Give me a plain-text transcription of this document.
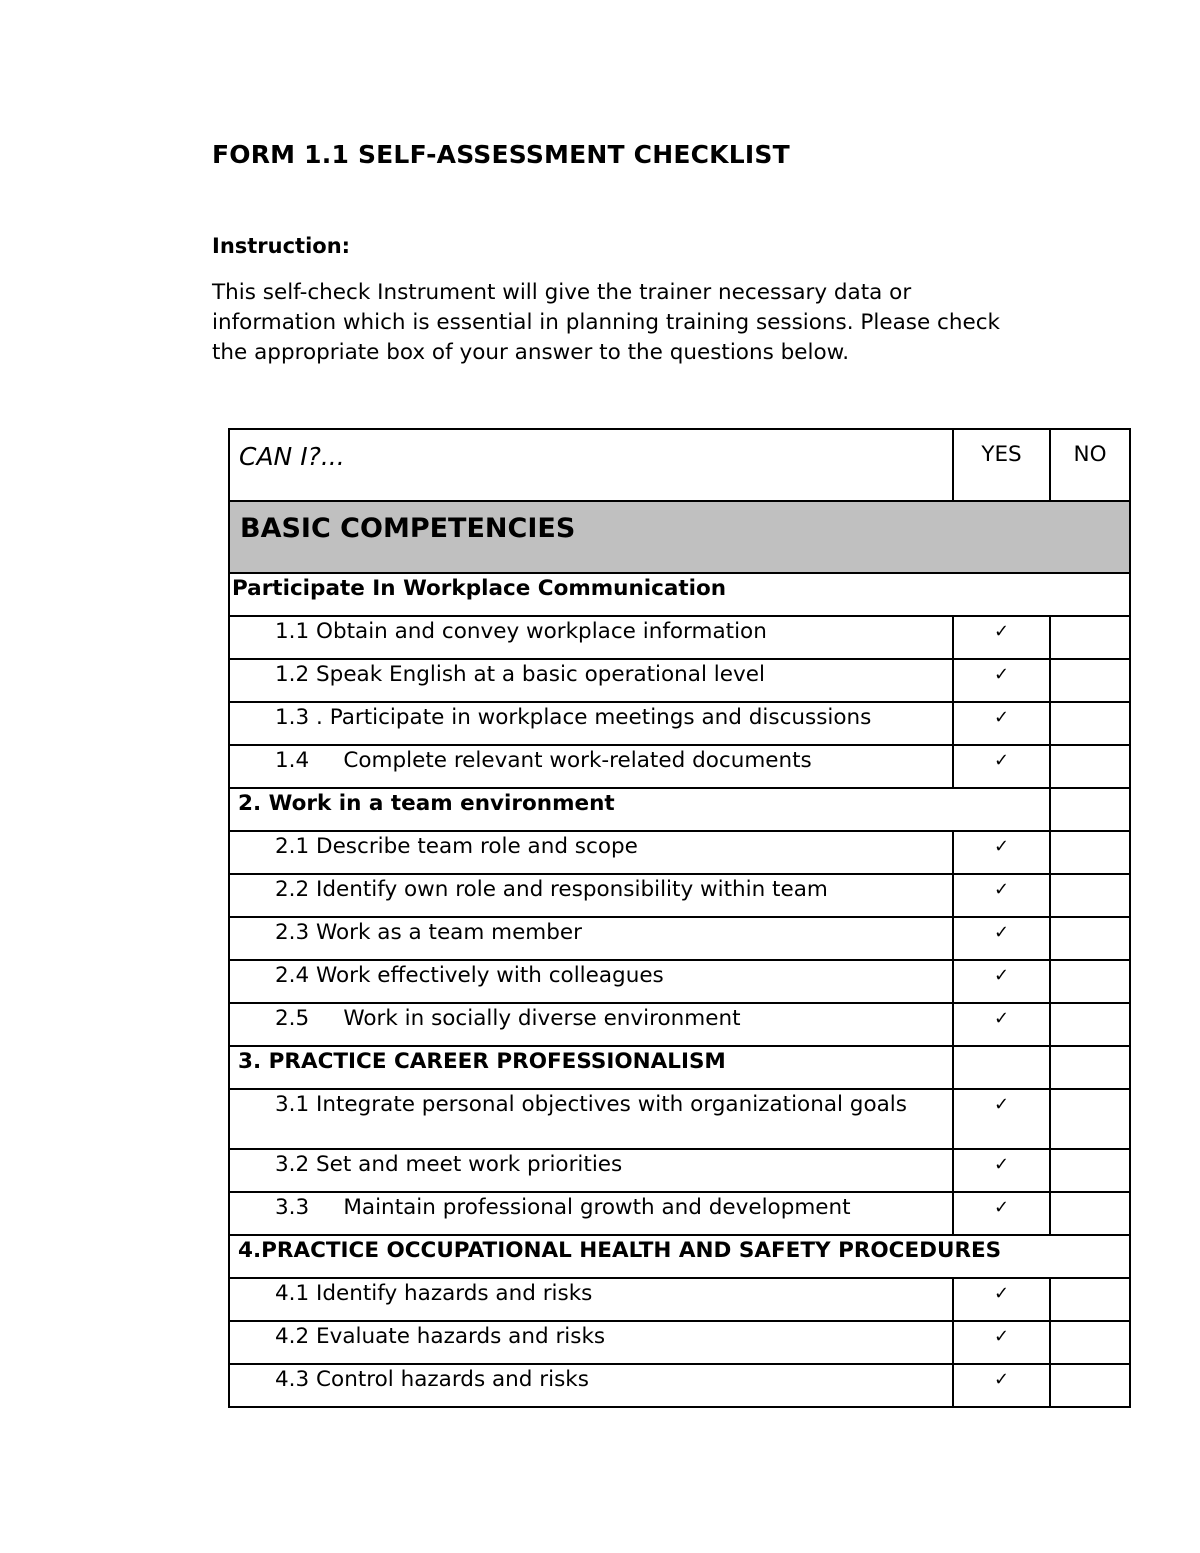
FORM 1.1 SELF-ASSESSMENT CHECKLIST
Instruction:
This self-check Instrument will give the trainer necessary data or information which is essential in planning training sessions. Please check the appropriate box of your answer to the questions below.
CAN I?...	YES	NO
BASIC COMPETENCIES		
Participate In Workplace Communication		
1.1 Obtain and convey workplace information	✓	
1.2 Speak English at a basic operational level	✓	
1.3 . Participate in workplace meetings and discussions	✓	
1.4     Complete relevant work-related documents	✓	
2. Work in a team environment		
2.1 Describe team role and scope	✓	
2.2 Identify own role and responsibility within team	✓	
2.3 Work as a team member	✓	
2.4 Work effectively with colleagues	✓	
2.5     Work in socially diverse environment	✓	
3. PRACTICE CAREER PROFESSIONALISM		
3.1 Integrate personal objectives with organizational goals	✓	
3.2 Set and meet work priorities	✓	
3.3     Maintain professional growth and development	✓	
4.PRACTICE OCCUPATIONAL HEALTH AND SAFETY PROCEDURES		
4.1 Identify hazards and risks	✓	
4.2 Evaluate hazards and risks	✓	
4.3 Control hazards and risks	✓	
